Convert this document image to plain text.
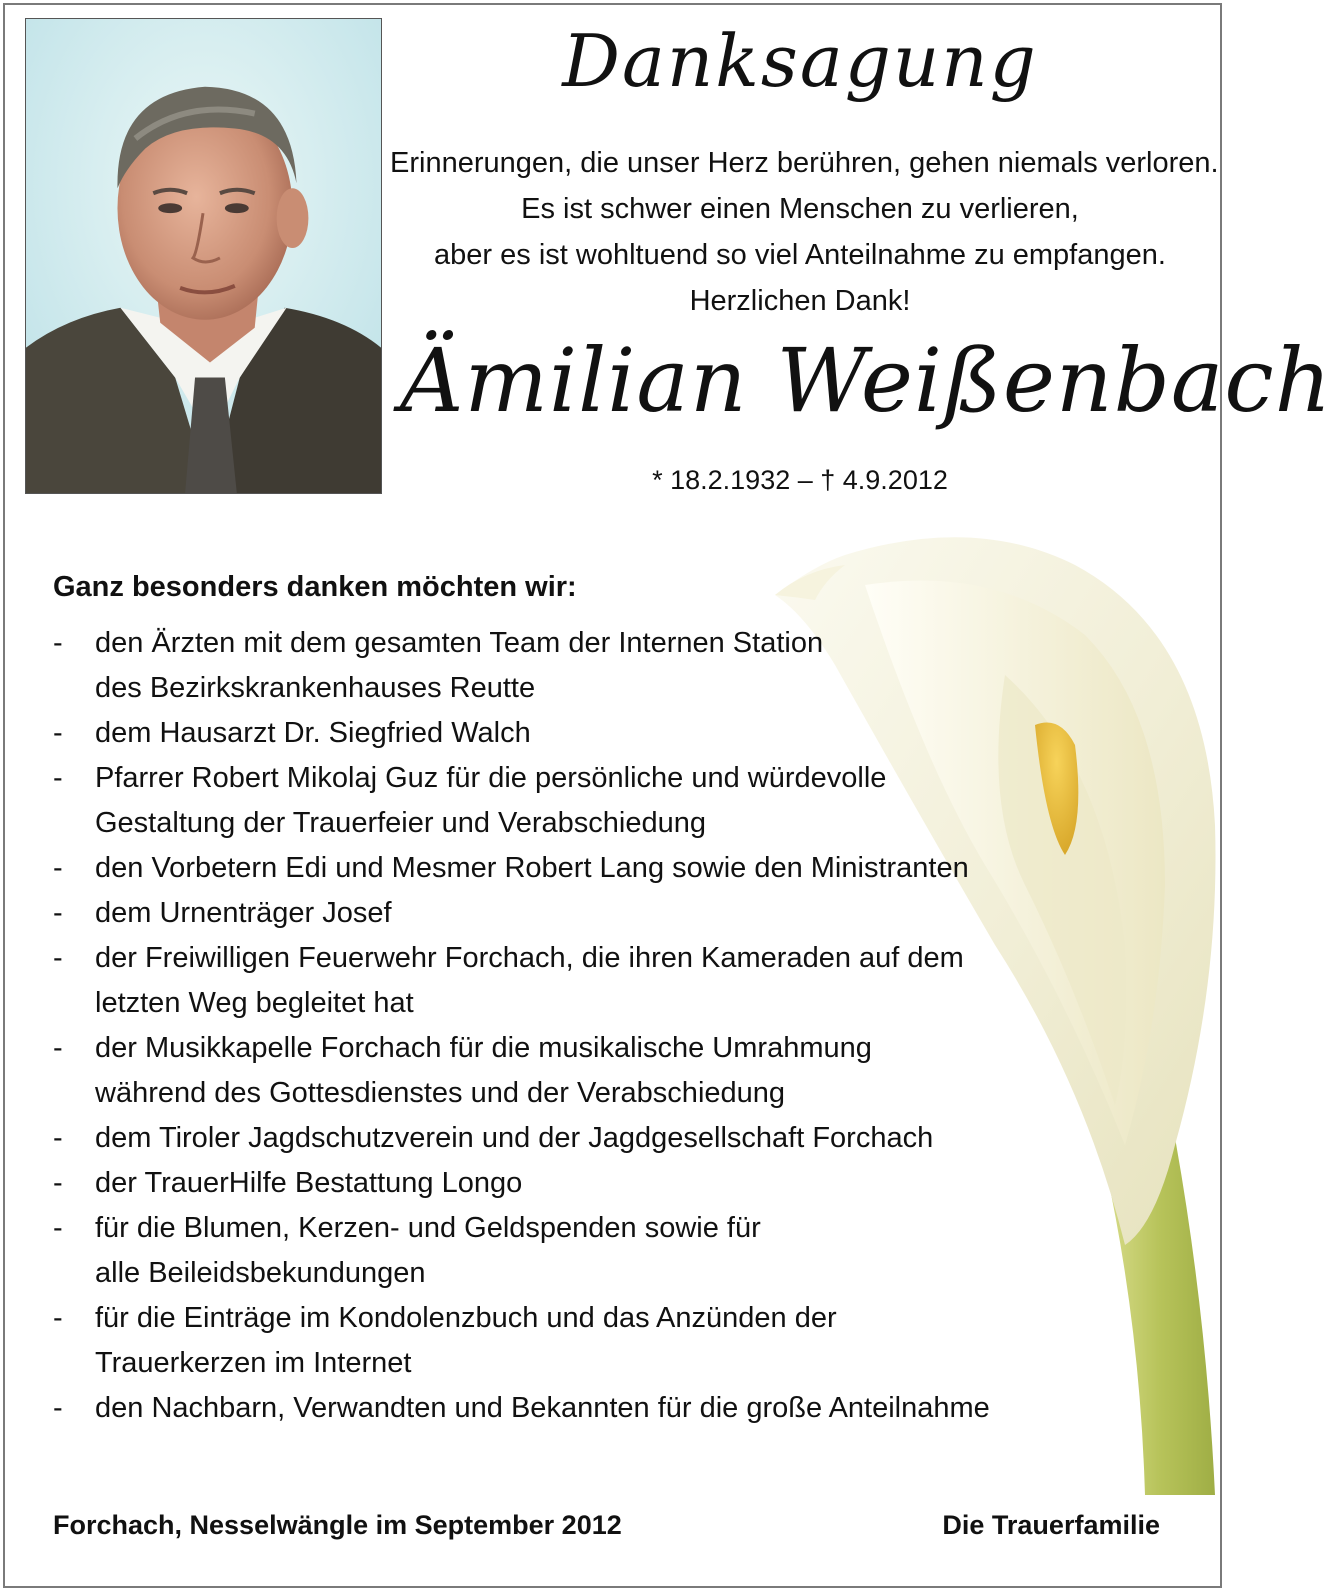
Danksagung
Erinnerungen, die unser Herz berühren, gehen niemals verloren.
Es ist schwer einen Menschen zu verlieren,
aber es ist wohltuend so viel Anteilnahme zu empfangen.
Herzlichen Dank!
Ämilian Weißenbach
* 18.2.1932 – † 4.9.2012
Ganz besonders danken möchten wir:
- den Ärzten mit dem gesamten Team der Internen Station
des Bezirkskrankenhauses Reutte
- dem Hausarzt Dr. Siegfried Walch
- Pfarrer Robert Mikolaj Guz für die persönliche und würdevolle
Gestaltung der Trauerfeier und Verabschiedung
- den Vorbetern Edi und Mesmer Robert Lang sowie den Ministranten
- dem Urnenträger Josef
- der Freiwilligen Feuerwehr Forchach, die ihren Kameraden auf dem
letzten Weg begleitet hat
- der Musikkapelle Forchach für die musikalische Umrahmung
während des Gottesdienstes und der Verabschiedung
- dem Tiroler Jagdschutzverein und der Jagdgesellschaft Forchach
- der TrauerHilfe Bestattung Longo
- für die Blumen, Kerzen- und Geldspenden sowie für
alle Beileidsbekundungen
- für die Einträge im Kondolenzbuch und das Anzünden der
Trauerkerzen im Internet
- den Nachbarn, Verwandten und Bekannten für die große Anteilnahme
Forchach, Nesselwängle im September 2012	Die Trauerfamilie
